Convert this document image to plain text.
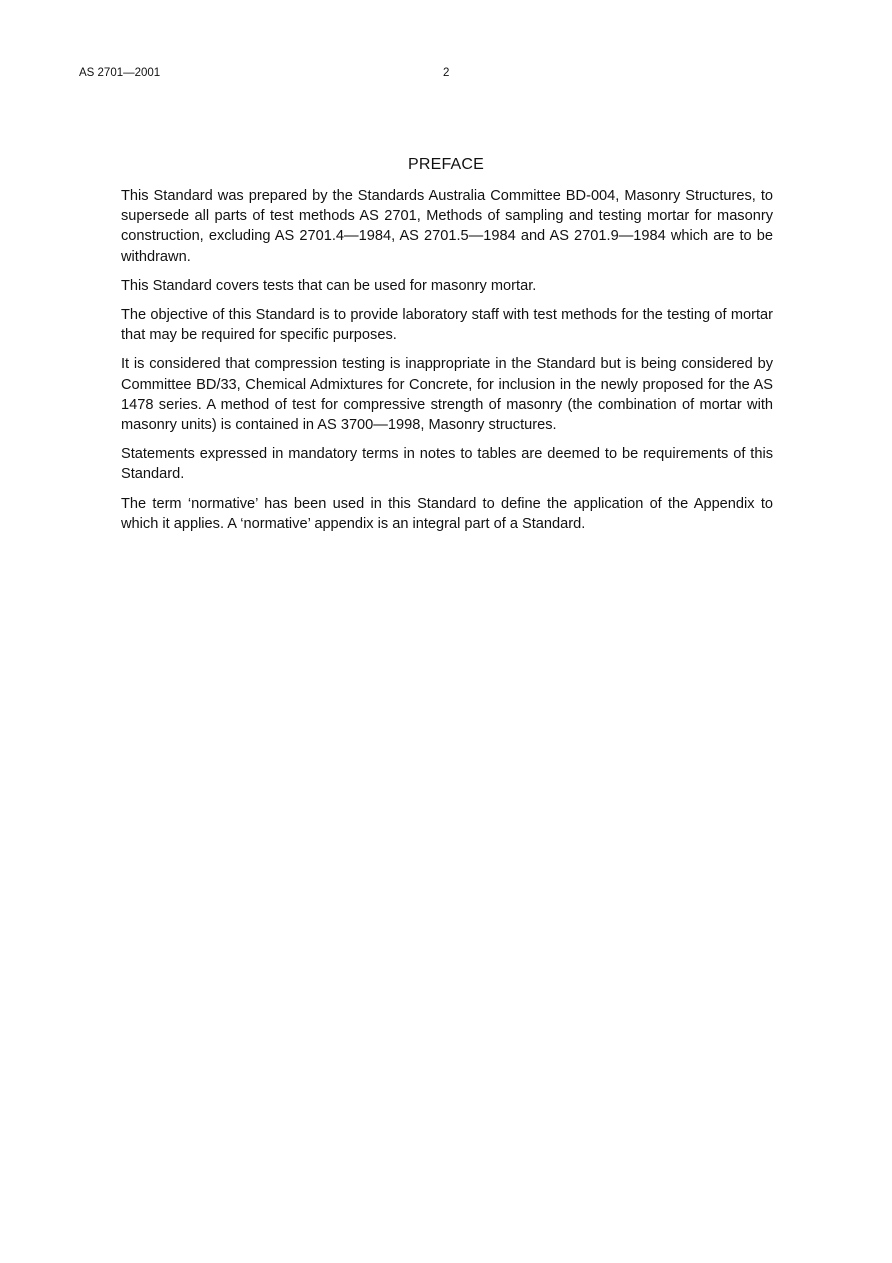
AS 2701—2001	2
PREFACE

This Standard was prepared by the Standards Australia Committee BD-004, Masonry Structures, to supersede all parts of test methods AS 2701, Methods of sampling and testing mortar for masonry construction, excluding AS 2701.4—1984, AS 2701.5—1984 and AS 2701.9—1984 which are to be withdrawn.

This Standard covers tests that can be used for masonry mortar.

The objective of this Standard is to provide laboratory staff with test methods for the testing of mortar that may be required for specific purposes.

It is considered that compression testing is inappropriate in the Standard but is being considered by Committee BD/33, Chemical Admixtures for Concrete, for inclusion in the newly proposed for the AS 1478 series. A method of test for compressive strength of masonry (the combination of mortar with masonry units) is contained in AS 3700—1998, Masonry structures.

Statements expressed in mandatory terms in notes to tables are deemed to be requirements of this Standard.

The term ‘normative’ has been used in this Standard to define the application of the Appendix to which it applies. A ‘normative’ appendix is an integral part of a Standard.
